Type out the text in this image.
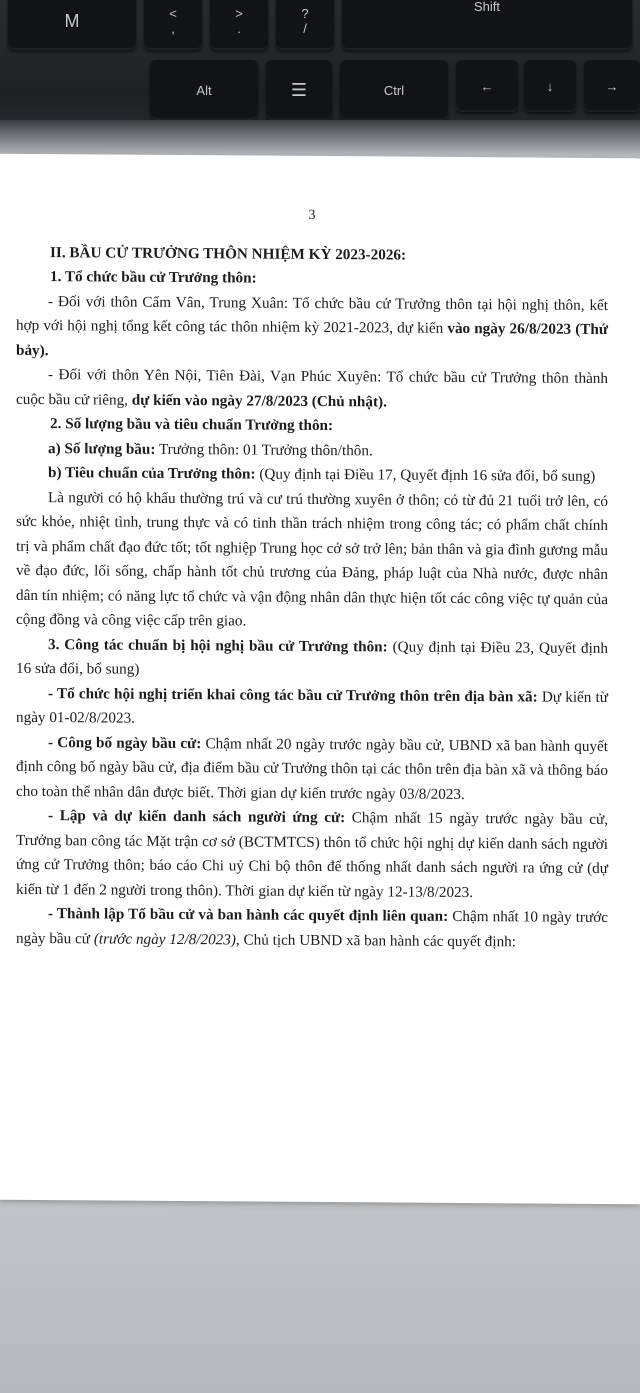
M	<
,
>
.
?
/
Shift
Alt	☰	Ctrl	←	↓	→
3

II. BẦU CỬ TRƯỞNG THÔN NHIỆM KỲ 2023-2026:

1. Tổ chức bầu cử Trưởng thôn:

- Đối với thôn Cẩm Vân, Trung Xuân: Tổ chức bầu cử Trưởng thôn tại hội nghị thôn, kết hợp với hội nghị tổng kết công tác thôn nhiệm kỳ 2021-2023, dự kiến vào ngày 26/8/2023 (Thứ bảy).

- Đối với thôn Yên Nội, Tiên Đài, Vạn Phúc Xuyên: Tổ chức bầu cử Trưởng thôn thành cuộc bầu cử riêng, dự kiến vào ngày 27/8/2023 (Chủ nhật).

2. Số lượng bầu và tiêu chuẩn Trưởng thôn:

a) Số lượng bầu: Trưởng thôn: 01 Trưởng thôn/thôn.

b) Tiêu chuẩn của Trưởng thôn: (Quy định tại Điều 17, Quyết định 16 sửa đổi, bổ sung)

Là người có hộ khẩu thường trú và cư trú thường xuyên ở thôn; có từ đủ 21 tuổi trở lên, có sức khỏe, nhiệt tình, trung thực và có tinh thần trách nhiệm trong công tác; có phẩm chất chính trị và phẩm chất đạo đức tốt; tốt nghiệp Trung học cở sở trở lên; bản thân và gia đình gương mẫu về đạo đức, lối sống, chấp hành tốt chủ trương của Đảng, pháp luật của Nhà nước, được nhân dân tín nhiệm; có năng lực tổ chức và vận động nhân dân thực hiện tốt các công việc tự quản của cộng đồng và công việc cấp trên giao.

3. Công tác chuẩn bị hội nghị bầu cử Trưởng thôn: (Quy định tại Điều 23, Quyết định 16 sửa đổi, bổ sung)

- Tổ chức hội nghị triển khai công tác bầu cử Trưởng thôn trên địa bàn xã: Dự kiến từ ngày 01-02/8/2023.

- Công bố ngày bầu cử: Chậm nhất 20 ngày trước ngày bầu cử, UBND xã ban hành quyết định công bố ngày bầu cử, địa điểm bầu cử Trưởng thôn tại các thôn trên địa bàn xã và thông báo cho toàn thể nhân dân được biết. Thời gian dự kiến trước ngày 03/8/2023.

- Lập và dự kiến danh sách người ứng cử: Chậm nhất 15 ngày trước ngày bầu cử, Trưởng ban công tác Mặt trận cơ sở (BCTMTCS) thôn tổ chức hội nghị dự kiến danh sách người ứng cử Trưởng thôn; báo cáo Chi uỷ Chi bộ thôn để thống nhất danh sách người ra ứng cử (dự kiến từ 1 đến 2 người trong thôn). Thời gian dự kiến từ ngày 12-13/8/2023.

- Thành lập Tổ bầu cử và ban hành các quyết định liên quan: Chậm nhất 10 ngày trước ngày bầu cử (trước ngày 12/8/2023), Chủ tịch UBND xã ban hành các quyết định:
